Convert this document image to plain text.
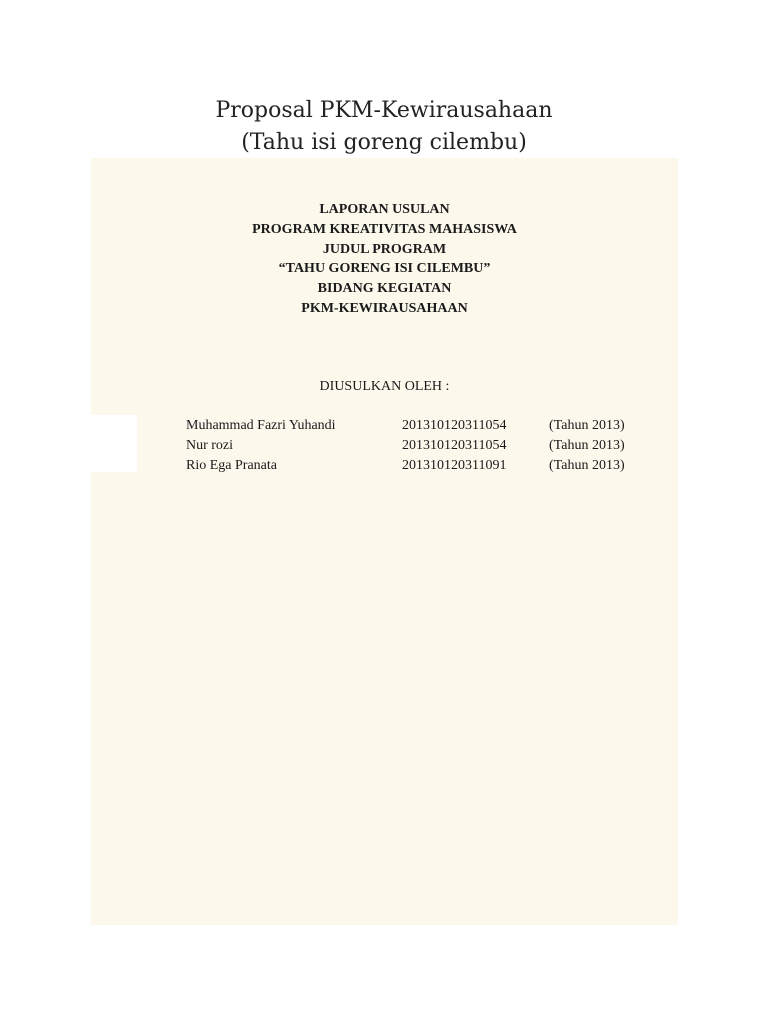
Proposal PKM-Kewirausahaan
(Tahu isi goreng cilembu)
LAPORAN USULAN
PROGRAM KREATIVITAS MAHASISWA
JUDUL PROGRAM
“TAHU GORENG ISI CILEMBU”
BIDANG KEGIATAN
PKM-KEWIRAUSAHAAN
DIUSULKAN OLEH :
Muhammad Fazri Yuhandi	201310120311054	(Tahun 2013)
Nur rozi	201310120311054	(Tahun 2013)
Rio Ega Pranata	201310120311091	(Tahun 2013)
